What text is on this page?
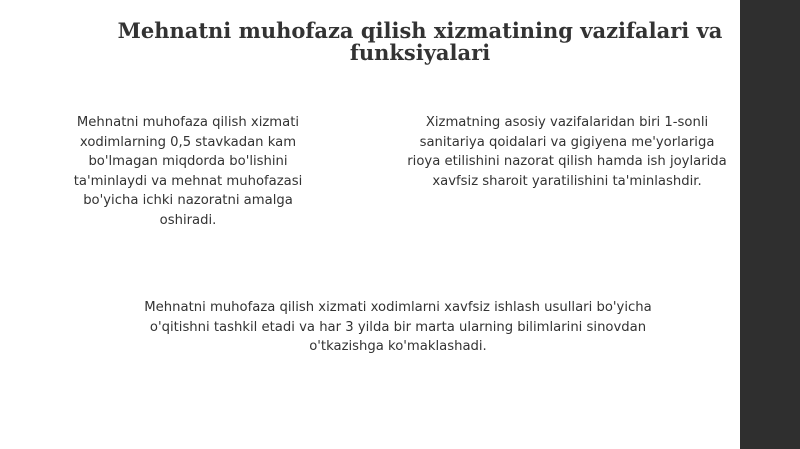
Mehnatni muhofaza qilish xizmatining vazifalari va funksiyalari

Mehnatni muhofaza qilish xizmati xodimlarning 0,5 stavkadan kam bo'lmagan miqdorda bo'lishini ta'minlaydi va mehnat muhofazasi bo'yicha ichki nazoratni amalga oshiradi.

Xizmatning asosiy vazifalaridan biri 1-sonli sanitariya qoidalari va gigiyena me'yorlariga rioya etilishini nazorat qilish hamda ish joylarida xavfsiz sharoit yaratilishini ta'minlashdir.

Mehnatni muhofaza qilish xizmati xodimlarni xavfsiz ishlash usullari bo'yicha o'qitishni tashkil etadi va har 3 yilda bir marta ularning bilimlarini sinovdan o'tkazishga ko'maklashadi.
